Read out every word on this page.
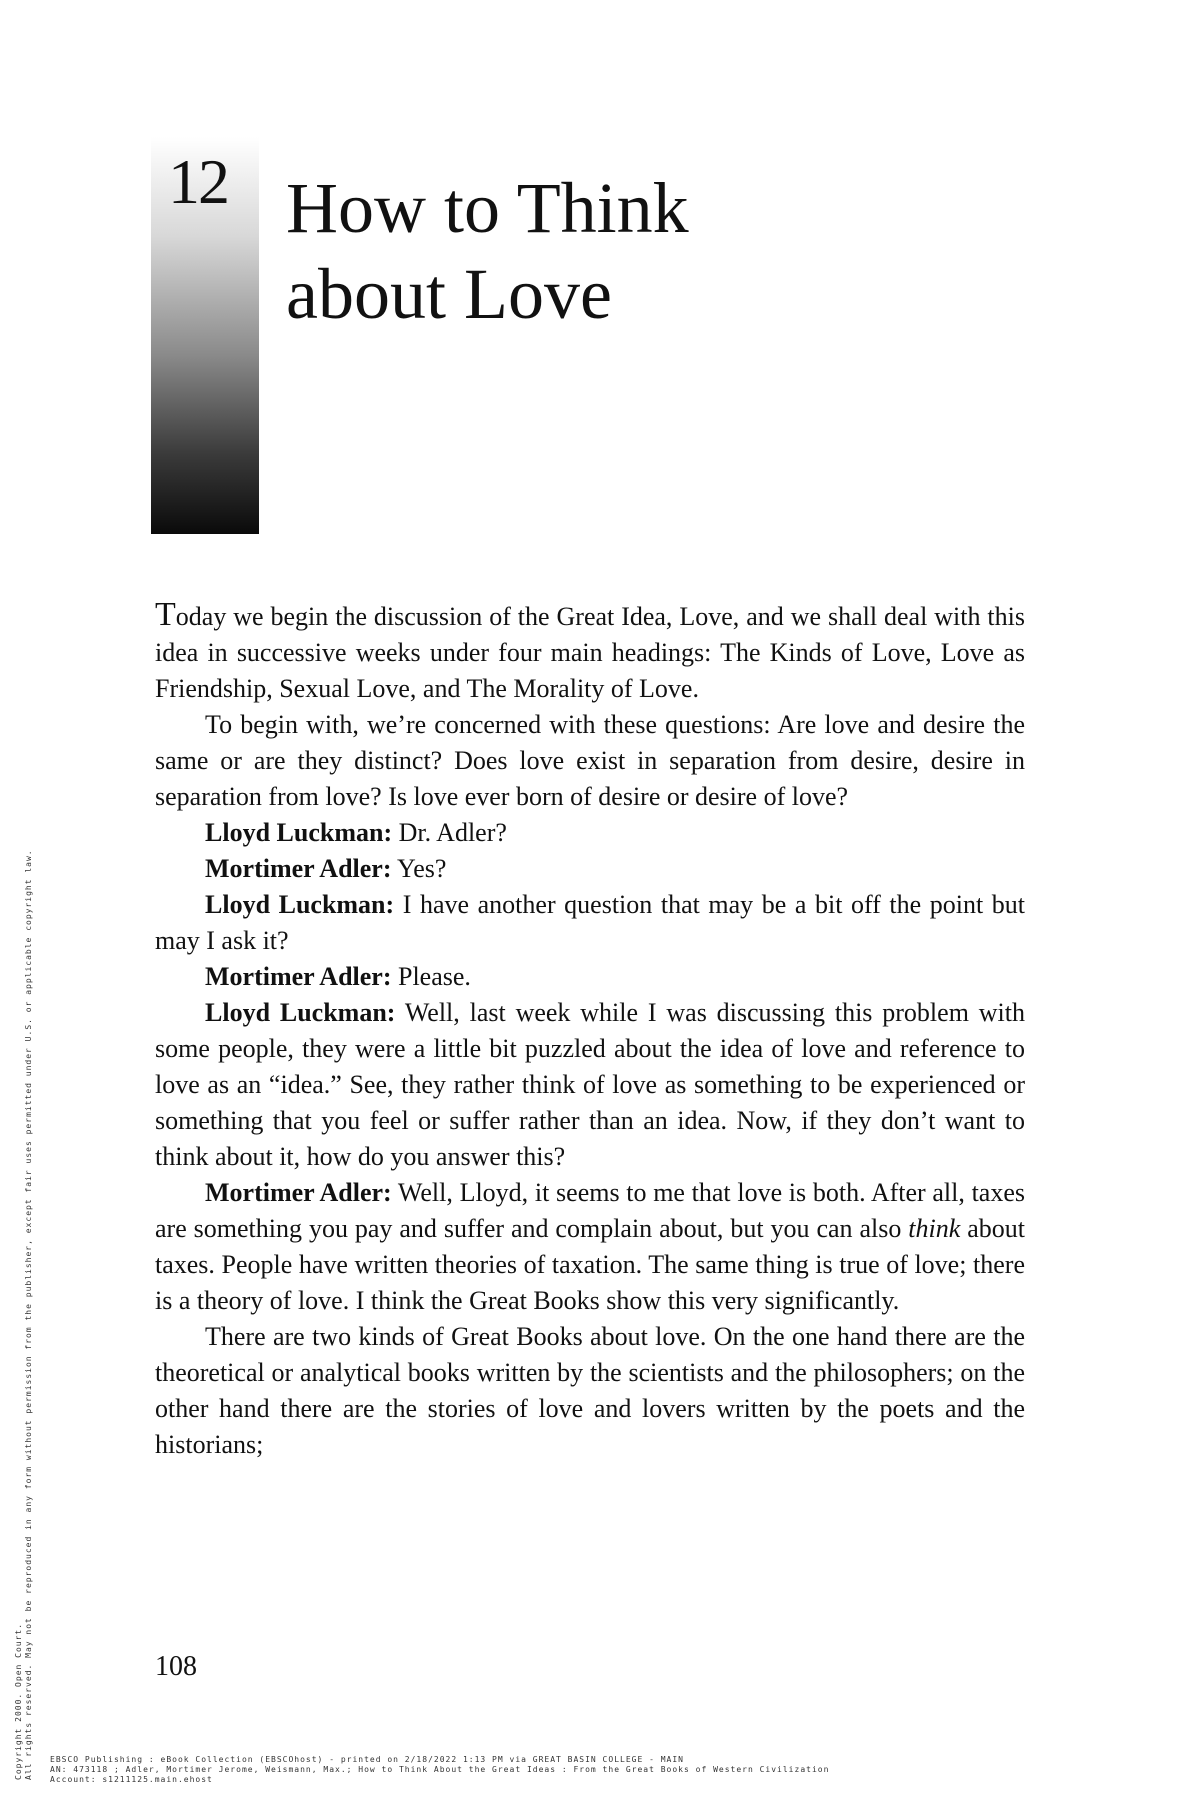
12 How to Think
about Love

Today we begin the discussion of the Great Idea, Love, and we shall deal with this idea in successive weeks under four main headings: The Kinds of Love, Love as Friendship, Sexual Love, and The Morality of Love.

To begin with, we’re concerned with these questions: Are love and desire the same or are they distinct? Does love exist in separation from desire, desire in separation from love? Is love ever born of desire or desire of love?

Lloyd Luckman: Dr. Adler?

Mortimer Adler: Yes?

Lloyd Luckman: I have another question that may be a bit off the point but may I ask it?

Mortimer Adler: Please.

Lloyd Luckman: Well, last week while I was discussing this problem with some people, they were a little bit puzzled about the idea of love and reference to love as an “idea.” See, they rather think of love as something to be experienced or something that you feel or suffer rather than an idea. Now, if they don’t want to think about it, how do you answer this?

Mortimer Adler: Well, Lloyd, it seems to me that love is both. After all, taxes are something you pay and suffer and complain about, but you can also think about taxes. People have written theories of taxation. The same thing is true of love; there is a theory of love. I think the Great Books show this very significantly.

There are two kinds of Great Books about love. On the one hand there are the theoretical or analytical books written by the scientists and the philosophers; on the other hand there are the stories of love and lovers written by the poets and the historians;

108
Copyright 2000. Open Court. All rights reserved. May not be reproduced in any form without permission from the publisher, except fair uses permitted under U.S. or applicable copyright law. EBSCO Publishing : eBook Collection (EBSCOhost) - printed on 2/18/2022 1:13 PM via GREAT BASIN COLLEGE - MAIN
AN: 473118 ; Adler, Mortimer Jerome, Weismann, Max.; How to Think About the Great Ideas : From the Great Books of Western Civilization
Account: s1211125.main.ehost
